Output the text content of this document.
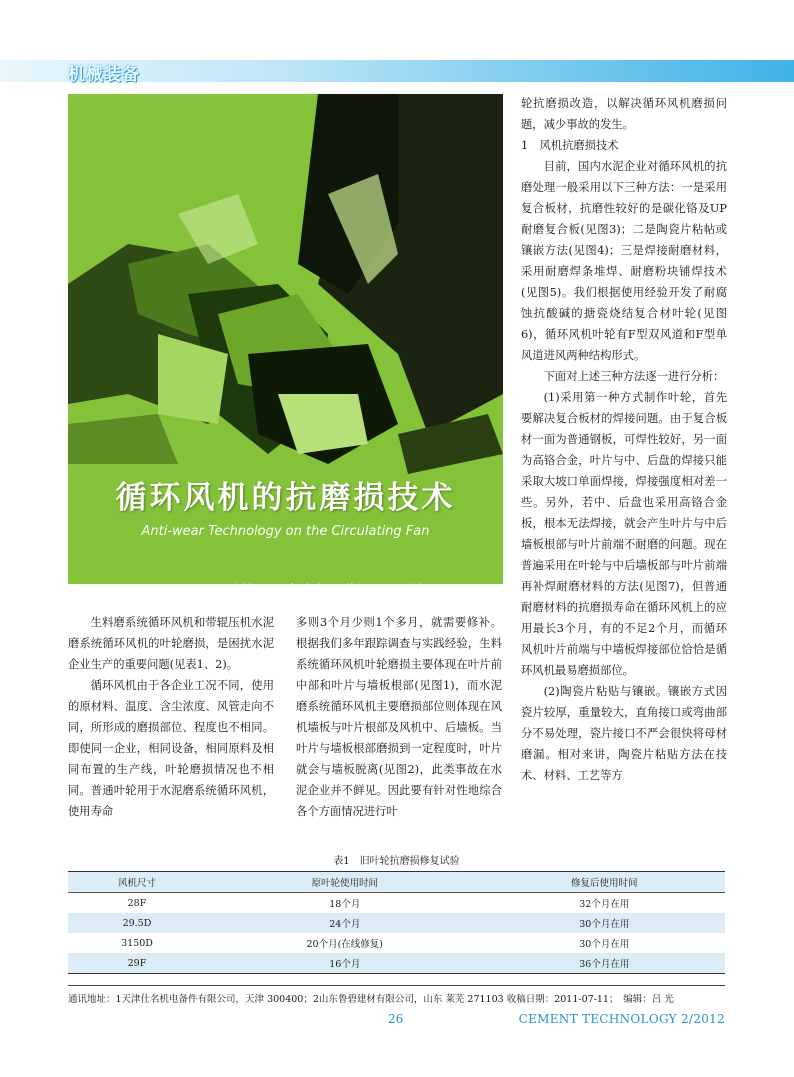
机械装备
循环风机的抗磨损技术
Anti-wear Technology on the Circulating Fan
刘长雨¹，胡彦方¹，戴景明¹，亓胜玉²
中图分类号：TQ172.632.9　文献标识码：B
文章编号：1001-6171(2012)02-0026-03

生料磨系统循环风机和带辊压机水泥磨系统循环风机的叶轮磨损，是困扰水泥企业生产的重要问题(见表1、2)。

循环风机由于各企业工况不同，使用的原材料、温度、含尘浓度、风管走向不同，所形成的磨损部位、程度也不相同。即使同一企业，相同设备，相同原料及相同布置的生产线，叶轮磨损情况也不相同。普通叶轮用于水泥磨系统循环风机，使用寿命

多则3个月少则1个多月，就需要修补。根据我们多年跟踪调查与实践经验，生料系统循环风机叶轮磨损主要体现在叶片前中部和叶片与墙板根部(见图1)，而水泥磨系统循环风机主要磨损部位则体现在风机墙板与叶片根部及风机中、后墙板。当叶片与墙板根部磨损到一定程度时，叶片就会与墙板脱离(见图2)，此类事故在水泥企业并不鲜见。因此要有针对性地综合各个方面情况进行叶

轮抗磨损改造，以解决循环风机磨损问题，减少事故的发生。

1　风机抗磨损技术

目前，国内水泥企业对循环风机的抗磨处理一般采用以下三种方法：一是采用复合板材，抗磨性较好的是碳化铬及UP耐磨复合板(见图3)；二是陶瓷片粘帖或镶嵌方法(见图4)；三是焊接耐磨材料，采用耐磨焊条堆焊、耐磨粉块铺焊技术(见图5)。我们根据使用经验开发了耐腐蚀抗酸碱的搪瓷烧结复合材叶轮(见图6)，循环风机叶轮有F型双风道和F型单风道进风两种结构形式。

下面对上述三种方法逐一进行分析：

(1)采用第一种方式制作叶轮，首先要解决复合板材的焊接问题。由于复合板材一面为普通钢板，可焊性较好，另一面为高铬合金，叶片与中、后盘的焊接只能采取大坡口单面焊接，焊接强度相对差一些。另外，若中、后盘也采用高铬合金板，根本无法焊接，就会产生叶片与中后墙板根部与叶片前端不耐磨的问题。现在普遍采用在叶轮与中后墙板部与叶片前端再补焊耐磨材料的方法(见图7)，但普通耐磨材料的抗磨损寿命在循环风机上的应用最长3个月，有的不足2个月，而循环风机叶片前端与中墙板焊接部位恰恰是循环风机最易磨损部位。

(2)陶瓷片粘贴与镶嵌。镶嵌方式因瓷片较厚，重量较大，直角接口或弯曲部分不易处理，瓷片接口不严会很快将母材磨漏。相对来讲，陶瓷片粘贴方法在技术、材料、工艺等方

表1　旧叶轮抗磨损修复试验
风机尺寸	原叶轮使用时间	修复后使用时间
28F	18个月	32个月在用
29.5D	24个月	30个月在用
3150D	20个月(在线修复)	30个月在用
29F	16个月	36个月在用
通讯地址：1天津仕名机电备件有限公司，天津 300400；2山东鲁碧建材有限公司，山东 莱芜 271103 收稿日期：2011-07-11；　编辑：吕 光
26	CEMENT TECHNOLOGY 2/2012
